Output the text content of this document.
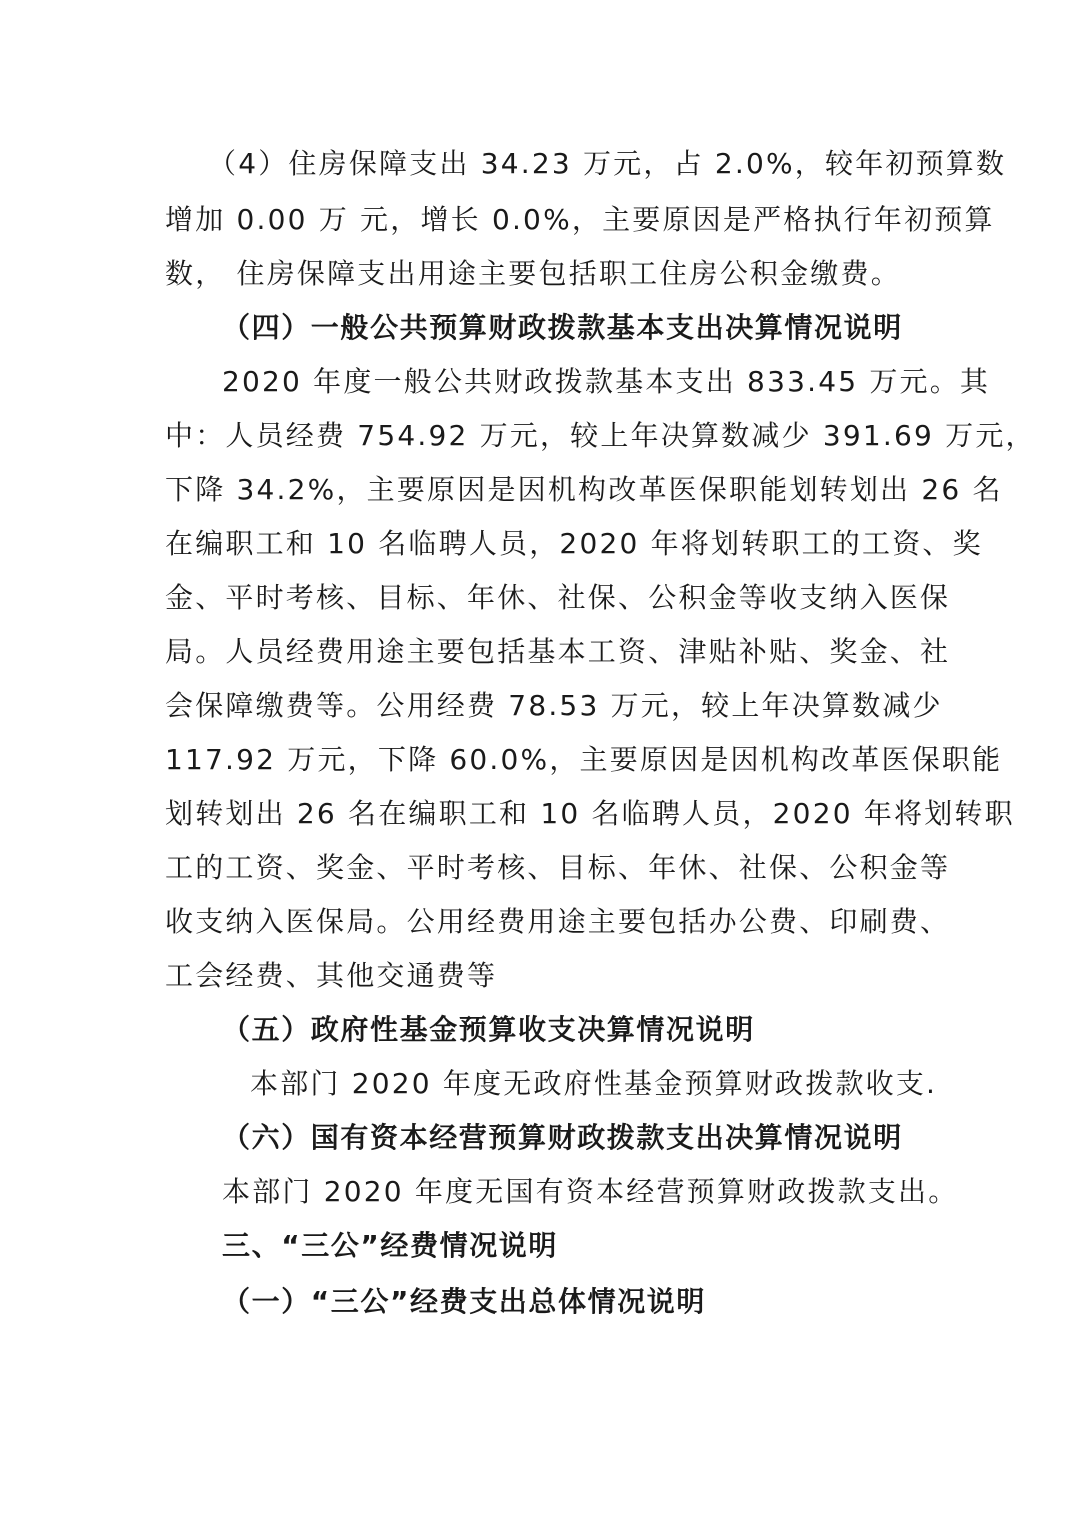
（4）住房保障支出 34.23 万元，占 2.0%，较年初预算数
增加 0.00 万 元，增长 0.0%，主要原因是严格执行年初预算
数， 住房保障支出用途主要包括职工住房公积金缴费。
（四）一般公共预算财政拨款基本支出决算情况说明
2020 年度一般公共财政拨款基本支出 833.45 万元。其
中：人员经费 754.92 万元，较上年决算数减少 391.69 万元，
下降 34.2%，主要原因是因机构改革医保职能划转划出 26 名
在编职工和 10 名临聘人员，2020 年将划转职工的工资、奖
金、平时考核、目标、年休、社保、公积金等收支纳入医保
局。人员经费用途主要包括基本工资、津贴补贴、奖金、社
会保障缴费等。公用经费 78.53 万元，较上年决算数减少
117.92 万元，下降 60.0%，主要原因是因机构改革医保职能
划转划出 26 名在编职工和 10 名临聘人员，2020 年将划转职
工的工资、奖金、平时考核、目标、年休、社保、公积金等
收支纳入医保局。公用经费用途主要包括办公费、印刷费、
工会经费、其他交通费等
（五）政府性基金预算收支决算情况说明
本部门 2020 年度无政府性基金预算财政拨款收支.
（六）国有资本经营预算财政拨款支出决算情况说明
本部门 2020 年度无国有资本经营预算财政拨款支出。
三、“三公”经费情况说明
（一）“三公”经费支出总体情况说明
